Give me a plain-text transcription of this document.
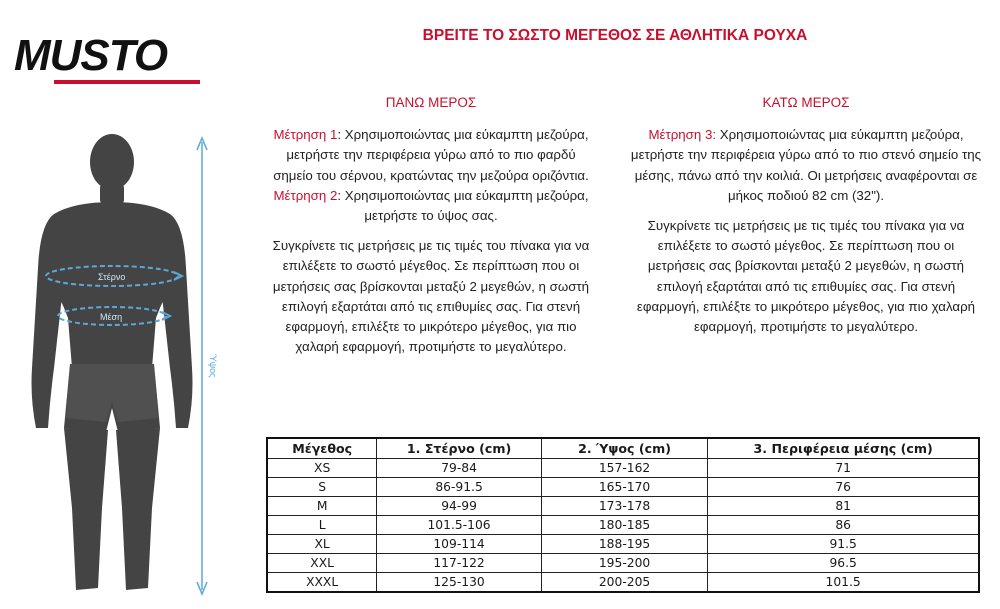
MUSTO	ΒΡΕΙΤΕ ΤΟ ΣΩΣΤΟ ΜΕΓΕΘΟΣ ΣΕ ΑΘΛΗΤΙΚΑ ΡΟΥΧΑ
Στέρνο
Μέση
Ύψος
ΠΑΝΩ ΜΕΡΟΣ

Μέτρηση 1: Χρησιμοποιώντας μια εύκαμπτη μεζούρα, μετρήστε την περιφέρεια γύρω από το πιο φαρδύ σημείο του σέρνου, κρατώντας την μεζούρα οριζόντια.

Μέτρηση 2: Χρησιμοποιώντας μια εύκαμπτη μεζούρα, μετρήστε το ύψος σας.

Συγκρίνετε τις μετρήσεις με τις τιμές του πίνακα για να επιλέξετε το σωστό μέγεθος. Σε περίπτωση που οι μετρήσεις σας βρίσκονται μεταξύ 2 μεγεθών, η σωστή επιλογή εξαρτάται από τις επιθυμίες σας. Για στενή εφαρμογή, επιλέξτε το μικρότερο μέγεθος, για πιο χαλαρή εφαρμογή, προτιμήστε το μεγαλύτερο.

ΚΑΤΩ ΜΕΡΟΣ

Μέτρηση 3: Χρησιμοποιώντας μια εύκαμπτη μεζούρα, μετρήστε την περιφέρεια γύρω από το πιο στενό σημείο της μέσης, πάνω από την κοιλιά. Οι μετρήσεις αναφέρονται σε μήκος ποδιού 82 cm (32").

Συγκρίνετε τις μετρήσεις με τις τιμές του πίνακα για να επιλέξετε το σωστό μέγεθος. Σε περίπτωση που οι μετρήσεις σας βρίσκονται μεταξύ 2 μεγεθών, η σωστή επιλογή εξαρτάται από τις επιθυμίες σας. Για στενή εφαρμογή, επιλέξτε το μικρότερο μέγεθος, για πιο χαλαρή εφαρμογή, προτιμήστε το μεγαλύτερο.

Μέγεθος	1. Στέρνο (cm)	2. Ύψος (cm)	3. Περιφέρεια μέσης (cm)
XS	79-84	157-162	71
S	86-91.5	165-170	76
M	94-99	173-178	81
L	101.5-106	180-185	86
XL	109-114	188-195	91.5
XXL	117-122	195-200	96.5
XXXL	125-130	200-205	101.5
